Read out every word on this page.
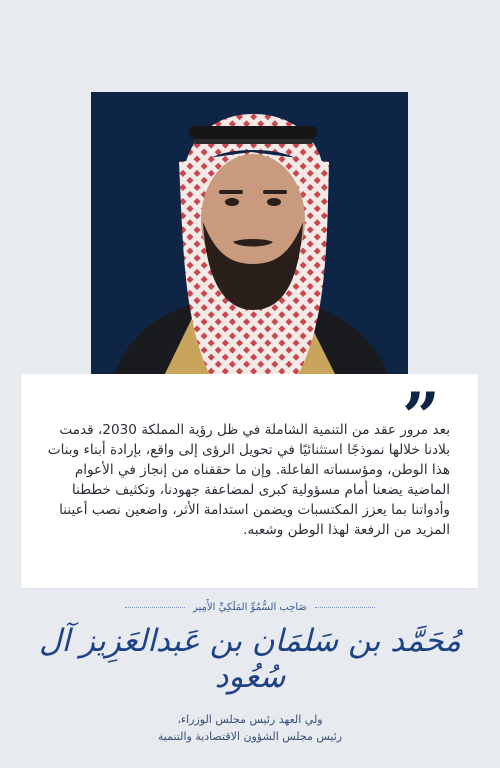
”
بعد مرور عقد من التنمية الشاملة في ظل رؤية المملكة 2030، قدمت بلادنا خلالها نموذجًا استثنائيًا في تحويل الرؤى إلى واقع، بإرادة أبناء وبنات هذا الوطن، ومؤسساته الفاعلة. وإن ما حققناه من إنجاز في الأعوام الماضية يضعنا أمام مسؤولية كبرى لمضاعفة جهودنا، وتكثيف خططنا وأدواتنا بما يعزز المكتسبات ويضمن استدامة الأثر، واضعين نصب أعيننا المزيد من الرفعة لهذا الوطن وشعبه.
صَاحِب السُّمُوِّ المَلَكِيِّ الأَمِير
مُحَمَّد بن سَلمَان بن عَبدالعَزِيز آل سُعُود
ولي العهد رئيس مجلس الوزراء،
رئيس مجلس الشؤون الاقتصادية والتنمية
